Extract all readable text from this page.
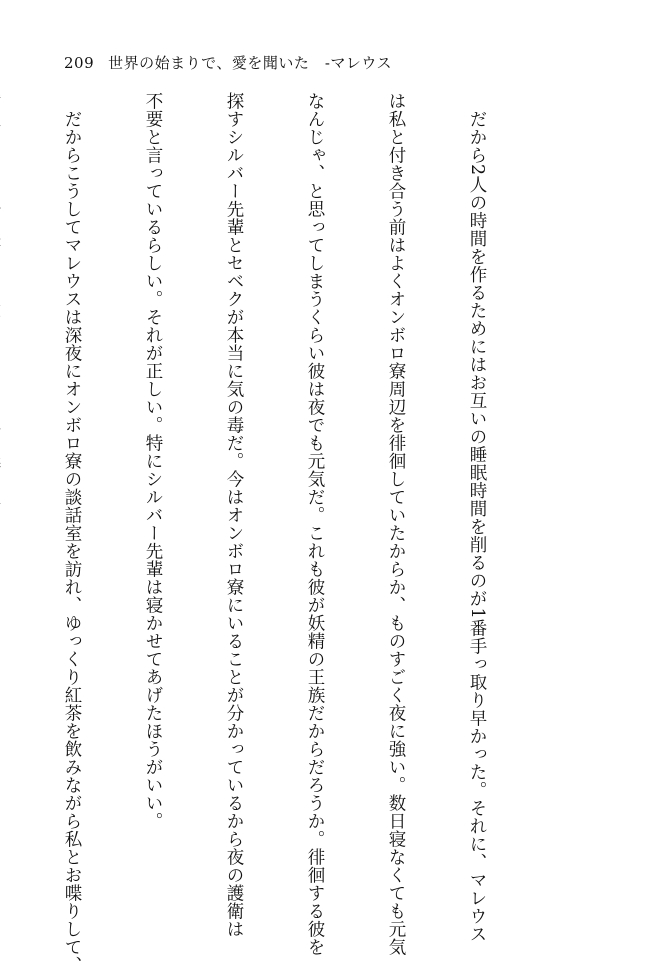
209 世界の始まりで、愛を聞いた　-マレウス

　だから2人の時間を作るためにはお互いの睡眠時間を削るのが1番手っ取り早かった。それに、マレウス

は私と付き合う前はよくオンボロ寮周辺を徘徊していたからか、ものすごく夜に強い。数日寝なくても元気

なんじゃ、と思ってしまうくらい彼は夜でも元気だ。これも彼が妖精の王族だからだろうか。徘徊する彼を

探すシルバー先輩とセベクが本当に気の毒だ。今はオンボロ寮にいることが分かっているから夜の護衛は

不要と言っているらしい。それが正しい。特にシルバー先輩は寝かせてあげたほうがいい。

　だからこうしてマレウスは深夜にオンボロ寮の談話室を訪れ、ゆっくり紅茶を飲みながら私とお喋りして、
